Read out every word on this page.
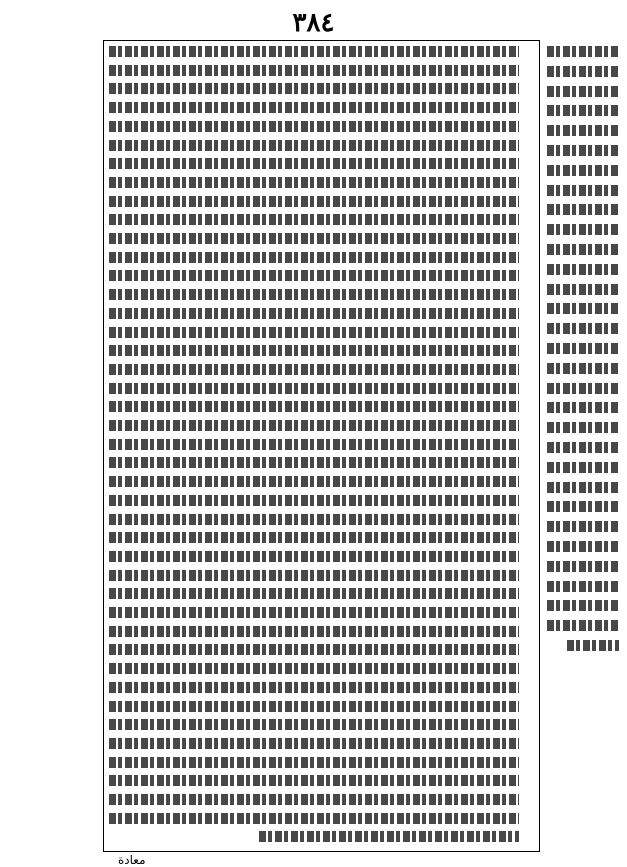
٣٨٤
معادة
